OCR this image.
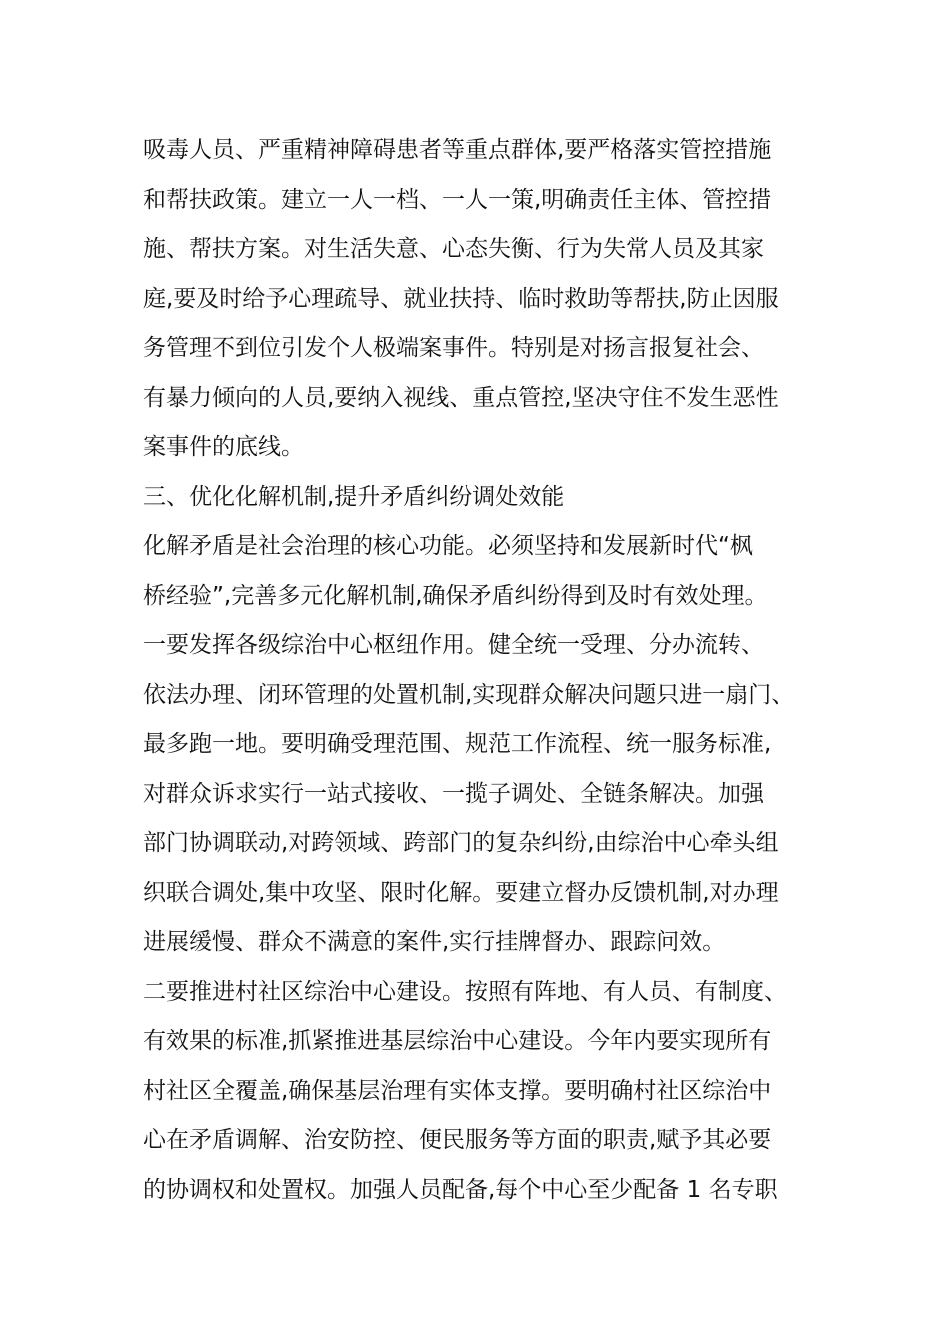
吸毒人员、严重精神障碍患者等重点群体,要严格落实管控措施
和帮扶政策。建立一人一档、一人一策,明确责任主体、管控措
施、帮扶方案。对生活失意、心态失衡、行为失常人员及其家
庭,要及时给予心理疏导、就业扶持、临时救助等帮扶,防止因服
务管理不到位引发个人极端案事件。特别是对扬言报复社会、
有暴力倾向的人员,要纳入视线、重点管控,坚决守住不发生恶性
案事件的底线。
三、优化化解机制,提升矛盾纠纷调处效能
化解矛盾是社会治理的核心功能。必须坚持和发展新时代“枫
桥经验”,完善多元化解机制,确保矛盾纠纷得到及时有效处理。
一要发挥各级综治中心枢纽作用。健全统一受理、分办流转、
依法办理、闭环管理的处置机制,实现群众解决问题只进一扇门、
最多跑一地。要明确受理范围、规范工作流程、统一服务标准,
对群众诉求实行一站式接收、一揽子调处、全链条解决。加强
部门协调联动,对跨领域、跨部门的复杂纠纷,由综治中心牵头组
织联合调处,集中攻坚、限时化解。要建立督办反馈机制,对办理
进展缓慢、群众不满意的案件,实行挂牌督办、跟踪问效。
二要推进村社区综治中心建设。按照有阵地、有人员、有制度、
有效果的标准,抓紧推进基层综治中心建设。今年内要实现所有
村社区全覆盖,确保基层治理有实体支撑。要明确村社区综治中
心在矛盾调解、治安防控、便民服务等方面的职责,赋予其必要
的协调权和处置权。加强人员配备,每个中心至少配备 1 名专职
